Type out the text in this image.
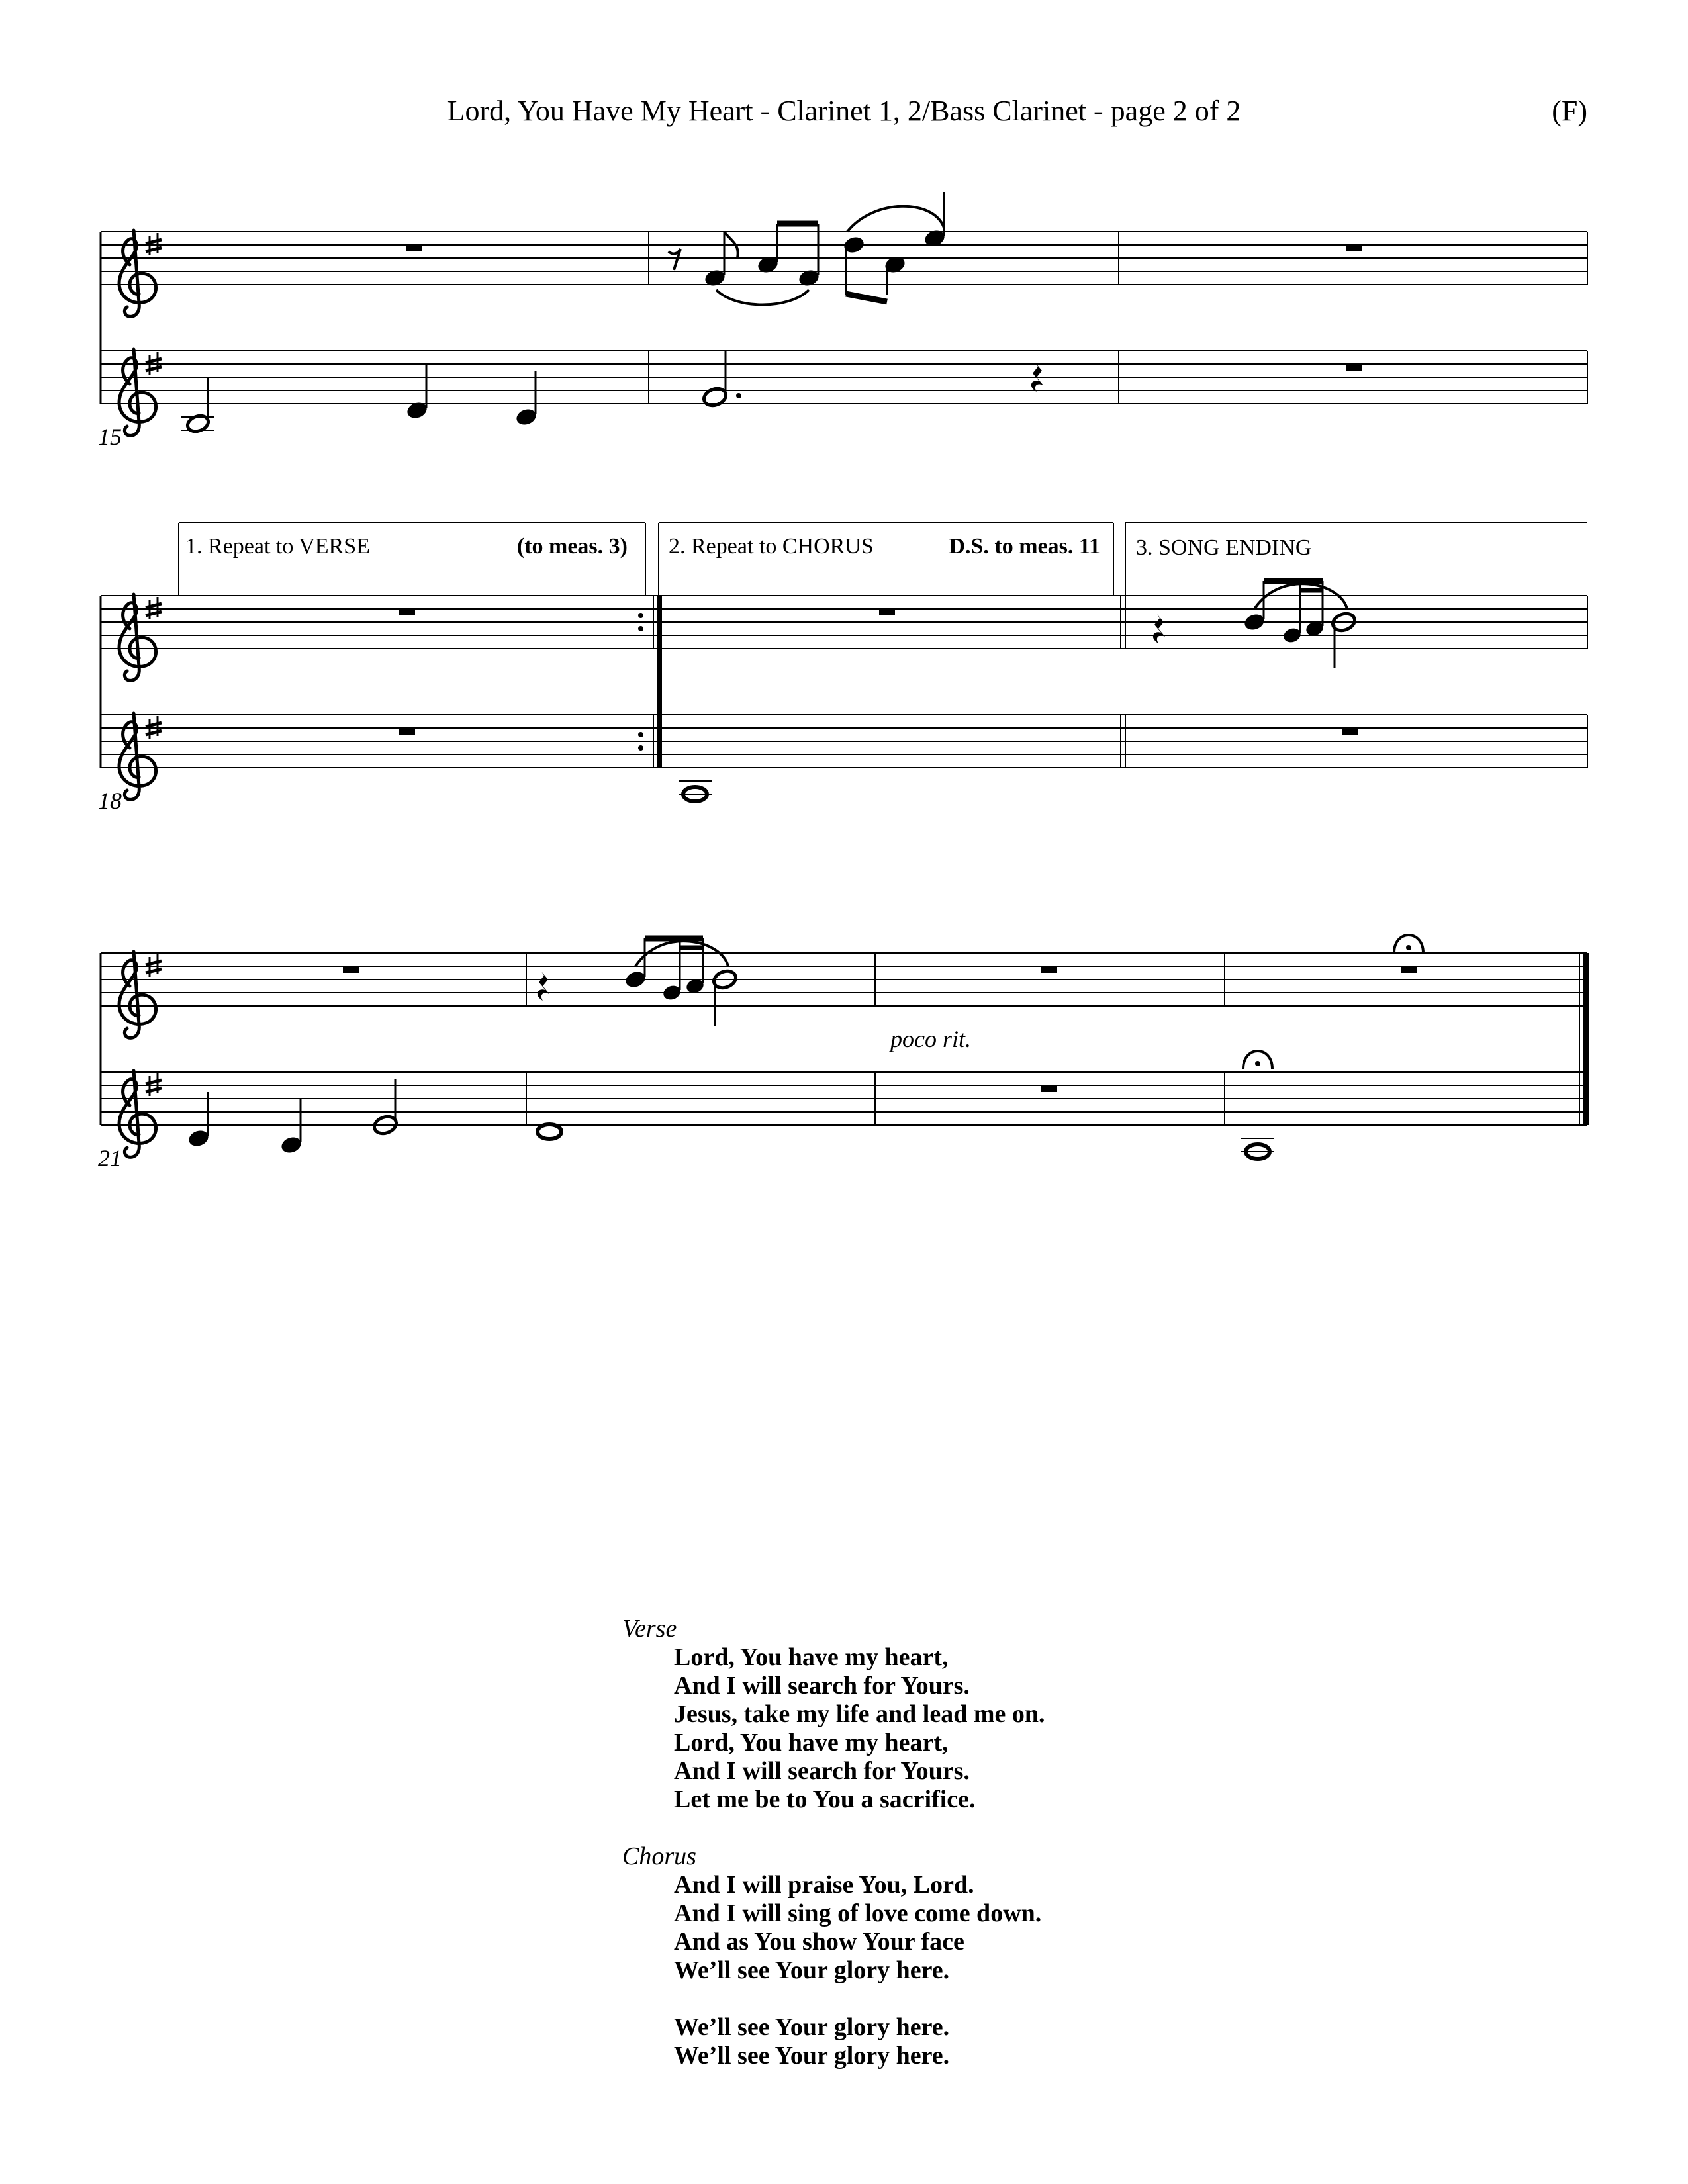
Lord, You Have My Heart - Clarinet 1, 2/Bass Clarinet - page 2 of 2	(F)
15
1. Repeat to VERSE	(to meas. 3) 2. Repeat to CHORUS	D.S. to meas. 11 3. SONG ENDING
18
poco rit.
21
Verse
Lord, You have my heart,
And I will search for Yours.
Jesus, take my life and lead me on.
Lord, You have my heart,
And I will search for Yours.
Let me be to You a sacrifice.
Chorus
And I will praise You, Lord.
And I will sing of love come down.
And as You show Your face
We’ll see Your glory here.
We’ll see Your glory here.
We’ll see Your glory here.
